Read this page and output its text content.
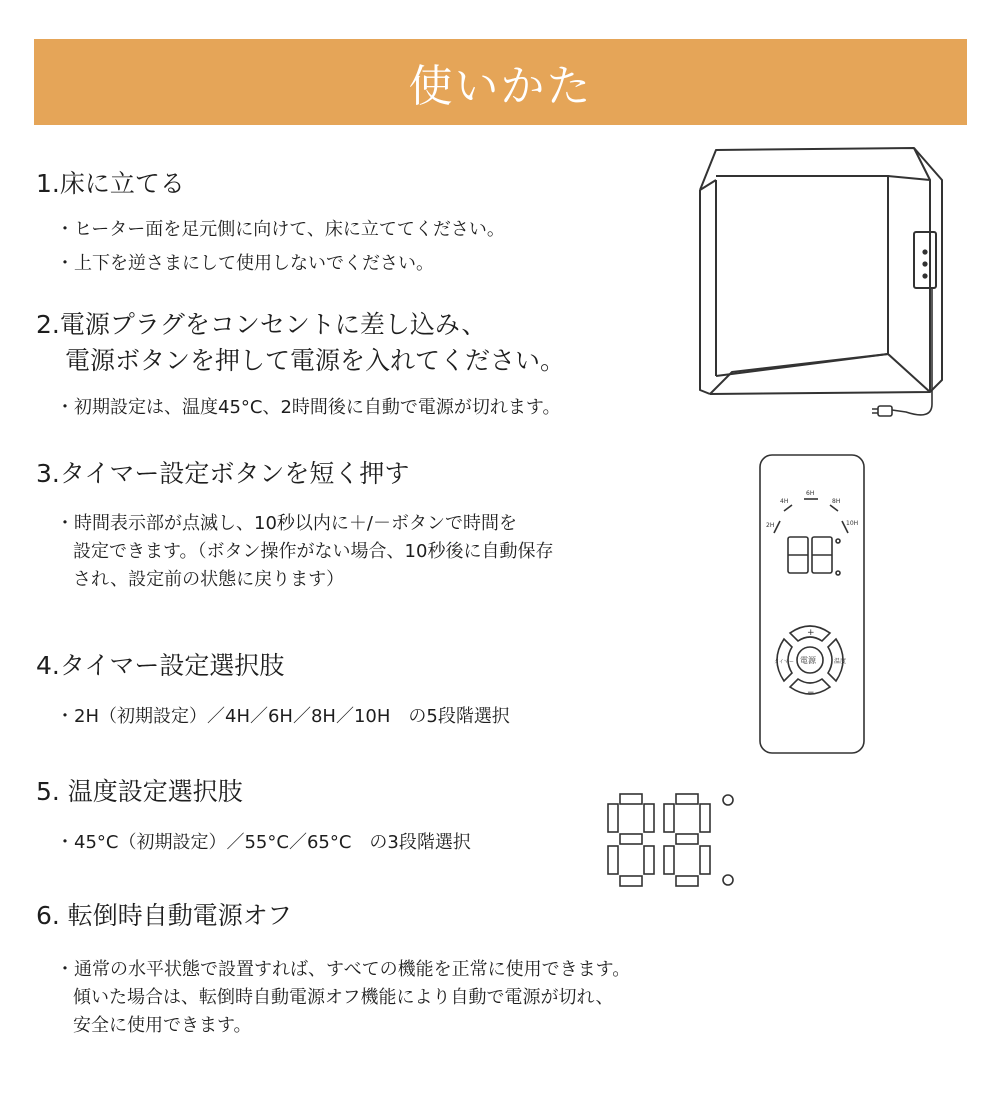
使いかた
1.床に立てる
・ヒーター面を足元側に向けて、床に立ててください。
・上下を逆さまにして使用しないでください。
2.電源プラグをコンセントに差し込み、
電源ボタンを押して電源を入れてください。
・初期設定は、温度45°C、2時間後に自動で電源が切れます。
3.タイマー設定ボタンを短く押す
・時間表示部が点滅し、10秒以内に＋/－ボタンで時間を
設定できます。（ボタン操作がない場合、10秒後に自動保存
され、設定前の状態に戻ります）
4.タイマー設定選択肢
・2H（初期設定）／4H／6H／8H／10H　の5段階選択
5. 温度設定選択肢
・45°C（初期設定）／55°C／65°C　の3段階選択
6. 転倒時自動電源オフ
・通常の水平状態で設置すれば、すべての機能を正常に使用できます。
傾いた場合は、転倒時自動電源オフ機能により自動で電源が切れ、
安全に使用できます。
2H
4H
6H
8H
10H
+
−
タイマー	温度
電源
